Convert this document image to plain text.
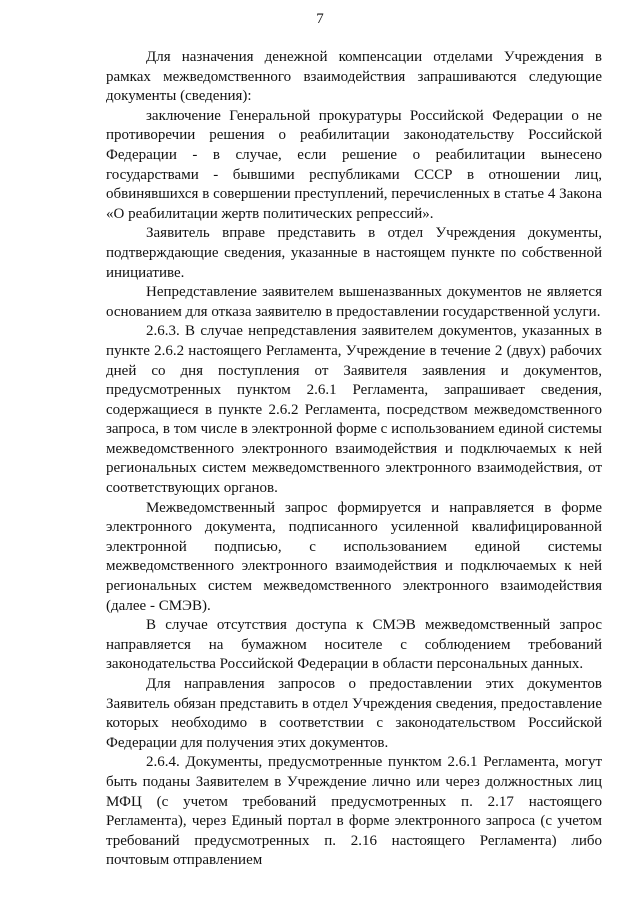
7

Для назначения денежной компенсации отделами Учреждения в рамках межведомственного взаимодействия запрашиваются следующие документы (сведения):

заключение Генеральной прокуратуры Российской Федерации о не противоречии решения о реабилитации законодательству Российской Федерации - в случае, если решение о реабилитации вынесено государствами - бывшими республиками СССР в отношении лиц, обвинявшихся в совершении преступлений, перечисленных в статье 4 Закона «О реабилитации жертв политических репрессий».

Заявитель вправе представить в отдел Учреждения документы, подтверждающие сведения, указанные в настоящем пункте по собственной инициативе.

Непредставление заявителем вышеназванных документов не является основанием для отказа заявителю в предоставлении государственной услуги.

2.6.3. В случае непредставления заявителем документов, указанных в пункте 2.6.2 настоящего Регламента, Учреждение в течение 2 (двух) рабочих дней со дня поступления от Заявителя заявления и документов, предусмотренных пунктом 2.6.1 Регламента, запрашивает сведения, содержащиеся в пункте 2.6.2 Регламента, посредством межведомственного запроса, в том числе в электронной форме с использованием единой системы межведомственного электронного взаимодействия и подключаемых к ней региональных систем межведомственного электронного взаимодействия, от соответствующих органов.

Межведомственный запрос формируется и направляется в форме электронного документа, подписанного усиленной квалифицированной электронной подписью, с использованием единой системы межведомственного электронного взаимодействия и подключаемых к ней региональных систем межведомственного электронного взаимодействия (далее - СМЭВ).

В случае отсутствия доступа к СМЭВ межведомственный запрос направляется на бумажном носителе с соблюдением требований законодательства Российской Федерации в области персональных данных.

Для направления запросов о предоставлении этих документов Заявитель обязан представить в отдел Учреждения сведения, предоставление которых необходимо в соответствии с законодательством Российской Федерации для получения этих документов.

2.6.4. Документы, предусмотренные пунктом 2.6.1 Регламента, могут быть поданы Заявителем в Учреждение лично или через должностных лиц МФЦ (с учетом требований предусмотренных п. 2.17 настоящего Регламента), через Единый портал в форме электронного запроса (с учетом требований предусмотренных п. 2.16 настоящего Регламента) либо почтовым отправлением
